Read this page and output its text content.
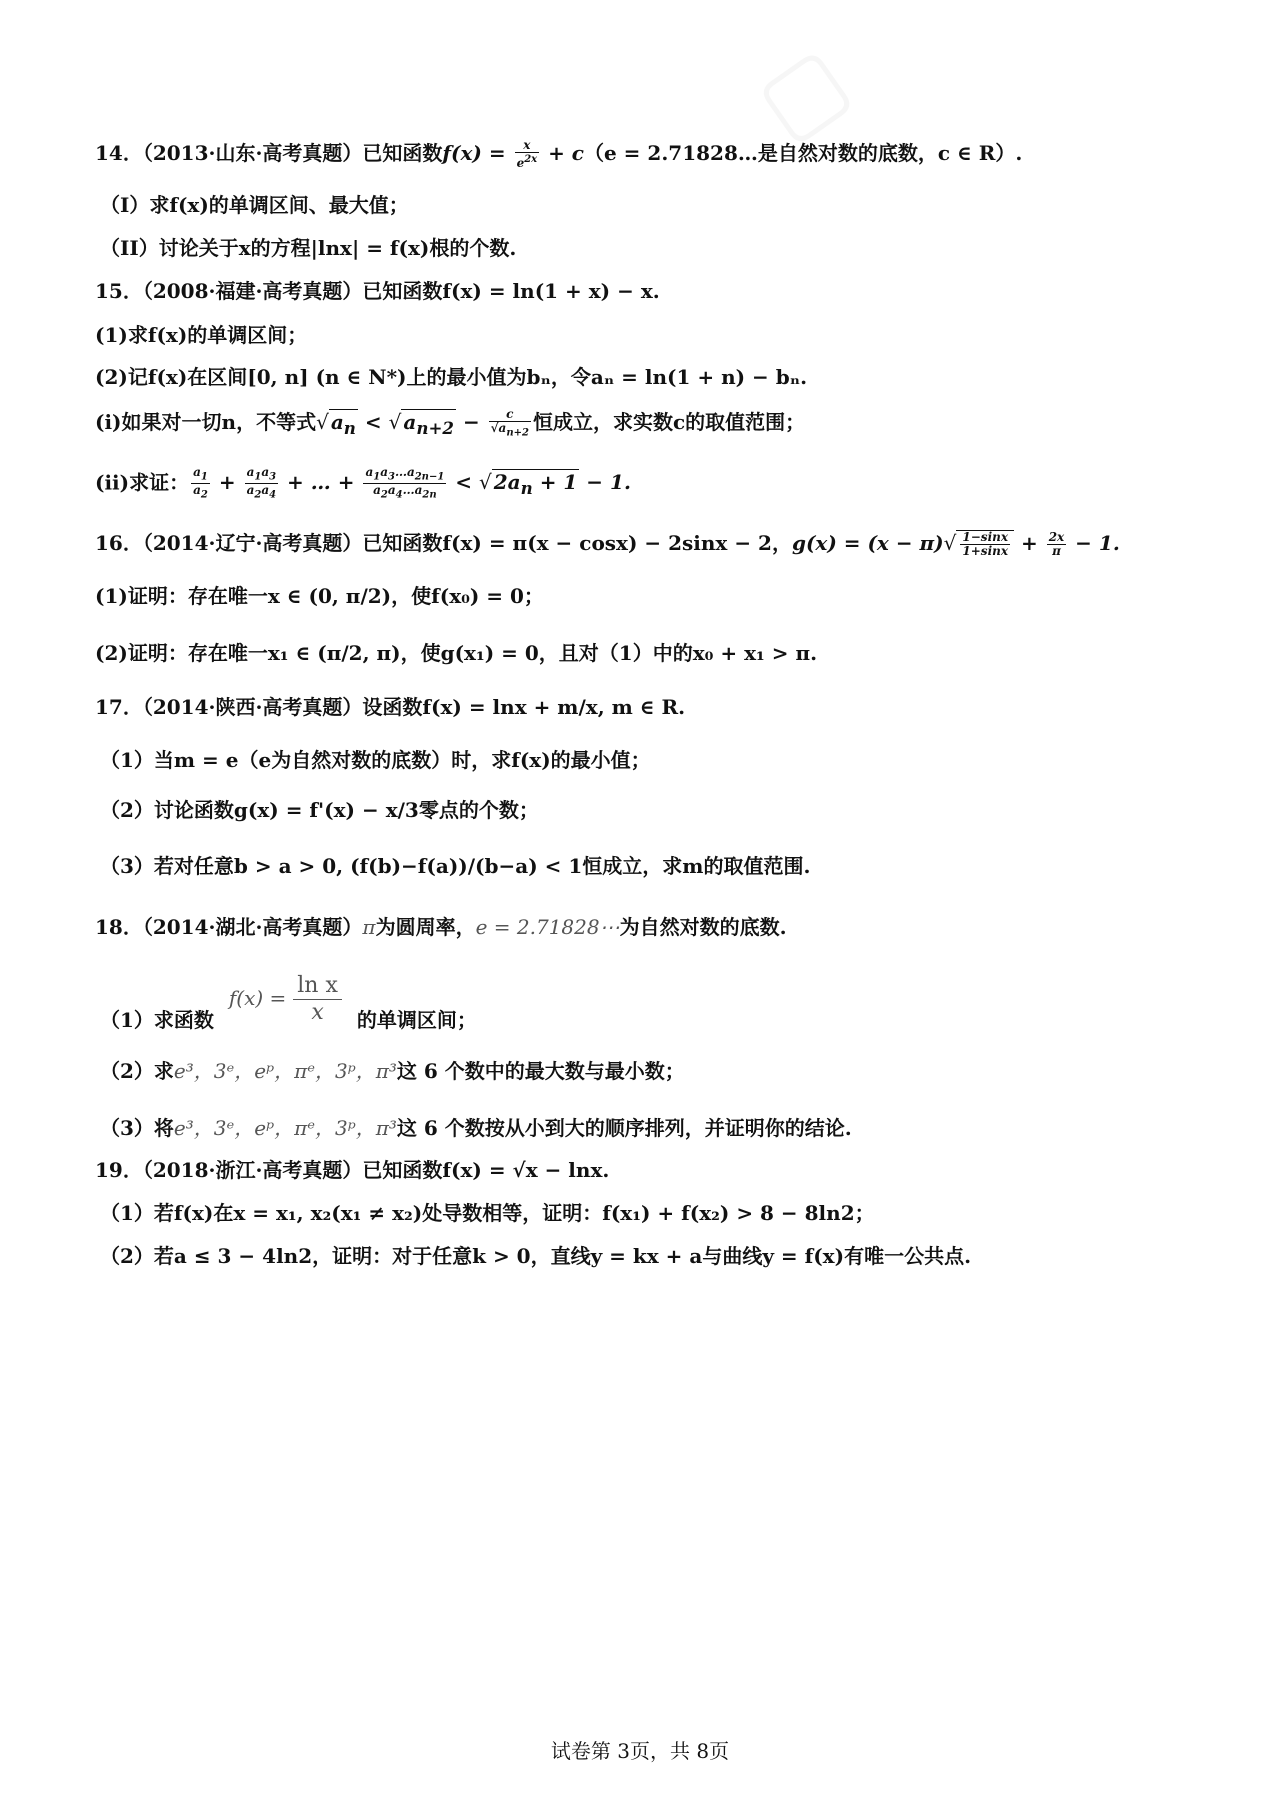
14．（2013·山东·高考真题）已知函数$f(x) = \frac{x}{e^{2x}} + c(e$ = 2.71828…是自然对数的底数，c ∈ R）.
（I）求f(x)的单调区间、最大值；
（II）讨论关于x的方程|lnx| = f(x)根的个数.
15．（2008·福建·高考真题）已知函数f(x) = ln(1 + x) − x.
(1)求f(x)的单调区间；
(2)记f(x)在区间[0, n] (n ∈ N*)上的最小值为bₙ，令aₙ = ln(1 + n) − bₙ.
(i)如果对一切n，不等式√ $a_n$ < √ $a_{n+2} - \frac{c}{√a_{n+2}}$ 恒成立，求实数c的取值范围；
(ii)求证： $\frac{a_1}{a_2} + \frac{a_1a_3}{a_2a_4}$ + … + $\frac{a_1a_3\dots a_{2n-1}}{a_2a_4\dots a_{2n}}$ < √ $2a_n + 1 - 1$.
16．（2014·辽宁·高考真题）已知函数f(x) = π(x − cosx) − 2sinx − 2，$g(x) = (x - \pi)√ \frac{1-\sin x}{1+\sin x} + \frac{2x}{\pi} - 1$.
(1)证明：存在唯一x ∈ (0, π/2)，使f(x₀) = 0；
(2)证明：存在唯一x₁ ∈ (π/2, π)，使g(x₁) = 0，且对（1）中的x₀ + x₁ > π.
17．（2014·陕西·高考真题）设函数f(x) = lnx + m/x, m ∈ R.
（1）当m = e（e为自然对数的底数）时，求f(x)的最小值；
（2）讨论函数g(x) = f'(x) − x/3零点的个数；
（3）若对任意b > a > 0, (f(b)−f(a))/(b−a) < 1恒成立，求m的取值范围.
18．（2014·湖北·高考真题）π为圆周率，e = 2.71828⋯为自然对数的底数.
（1）求函数 $f(x) = \frac{\text{ln x}}{x}$ 的单调区间；
（2）求e³，3ᵉ，eᵖ，πᵉ，3ᵖ，π³这 6 个数中的最大数与最小数；
（3）将e³，3ᵉ，eᵖ，πᵉ，3ᵖ，π³这 6 个数按从小到大的顺序排列，并证明你的结论.
19．（2018·浙江·高考真题）已知函数f(x) = √x − lnx.
（1）若f(x)在x = x₁, x₂(x₁ ≠ x₂)处导数相等，证明：f(x₁) + f(x₂) > 8 − 8ln2；
（2）若a ≤ 3 − 4ln2，证明：对于任意k > 0，直线y = kx + a与曲线y = f(x)有唯一公共点.
试卷第 3页，共 8页
